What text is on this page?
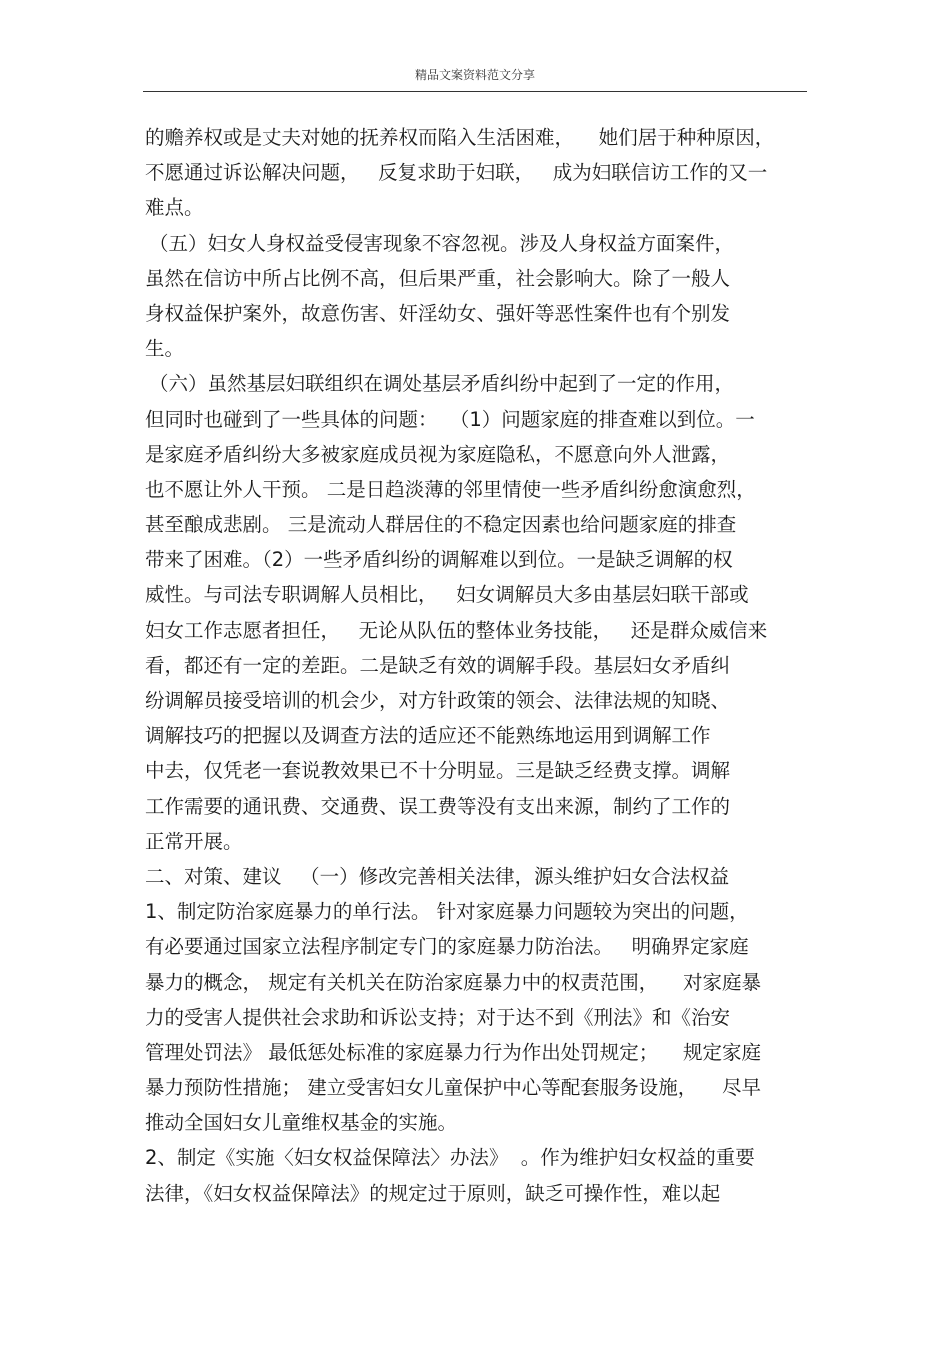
精品文案资料范文分享
的赡养权或是丈夫对她的抚养权而陷入生活困难，    她们居于种种原因，
不愿通过诉讼解决问题，   反复求助于妇联，   成为妇联信访工作的又一
难点。
（五）妇女人身权益受侵害现象不容忽视。涉及人身权益方面案件，
虽然在信访中所占比例不高，但后果严重，社会影响大。除了一般人
身权益保护案外，故意伤害、奸淫幼女、强奸等恶性案件也有个别发
生。
（六）虽然基层妇联组织在调处基层矛盾纠纷中起到了一定的作用，
但同时也碰到了一些具体的问题：  （1）问题家庭的排查难以到位。一
是家庭矛盾纠纷大多被家庭成员视为家庭隐私，不愿意向外人泄露，
也不愿让外人干预。 二是日趋淡薄的邻里情使一些矛盾纠纷愈演愈烈，
甚至酿成悲剧。 三是流动人群居住的不稳定因素也给问题家庭的排查
带来了困难。（2）一些矛盾纠纷的调解难以到位。一是缺乏调解的权
威性。与司法专职调解人员相比，   妇女调解员大多由基层妇联干部或
妇女工作志愿者担任，   无论从队伍的整体业务技能，   还是群众威信来
看，都还有一定的差距。二是缺乏有效的调解手段。基层妇女矛盾纠
纷调解员接受培训的机会少，对方针政策的领会、法律法规的知晓、
调解技巧的把握以及调查方法的适应还不能熟练地运用到调解工作
中去，仅凭老一套说教效果已不十分明显。三是缺乏经费支撑。调解
工作需要的通讯费、交通费、误工费等没有支出来源，制约了工作的
正常开展。
二、对策、建议   （一）修改完善相关法律，源头维护妇女合法权益
1、制定防治家庭暴力的单行法。 针对家庭暴力问题较为突出的问题，
有必要通过国家立法程序制定专门的家庭暴力防治法。   明确界定家庭
暴力的概念， 规定有关机关在防治家庭暴力中的权责范围，    对家庭暴
力的受害人提供社会求助和诉讼支持；对于达不到《刑法》和《治安
管理处罚法》 最低惩处标准的家庭暴力行为作出处罚规定；    规定家庭
暴力预防性措施； 建立受害妇女儿童保护中心等配套服务设施，    尽早
推动全国妇女儿童维权基金的实施。
2、制定《实施〈妇女权益保障法〉办法》  。作为维护妇女权益的重要
法律，《妇女权益保障法》的规定过于原则，缺乏可操作性，难以起
